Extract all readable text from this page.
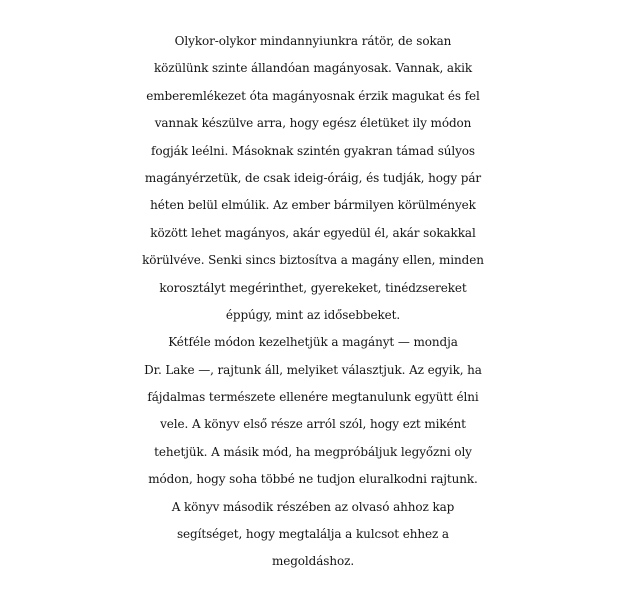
Olykor-olykor mindannyiunkra rátör, de sokan
közülünk szinte állandóan magányosak. Vannak, akik
emberemlékezet óta magányosnak érzik magukat és fel
vannak készülve arra, hogy egész életüket ily módon
fogják leélni. Másoknak szintén gyakran támad súlyos
magányérzetük, de csak ideig-óráig, és tudják, hogy pár
héten belül elmúlik. Az ember bármilyen körülmények
között lehet magányos, akár egyedül él, akár sokakkal
körülvéve. Senki sincs biztosítva a magány ellen, minden
korosztályt megérinthet, gyerekeket, tinédzsereket
éppúgy, mint az idősebbeket.
Kétféle módon kezelhetjük a magányt — mondja
Dr. Lake —, rajtunk áll, melyiket választjuk. Az egyik, ha
fájdalmas természete ellenére megtanulunk együtt élni
vele. A könyv első része arról szól, hogy ezt miként
tehetjük. A másik mód, ha megpróbáljuk legyőzni oly
módon, hogy soha többé ne tudjon eluralkodni rajtunk.
A könyv második részében az olvasó ahhoz kap
segítséget, hogy megtalálja a kulcsot ehhez a
megoldáshoz.
